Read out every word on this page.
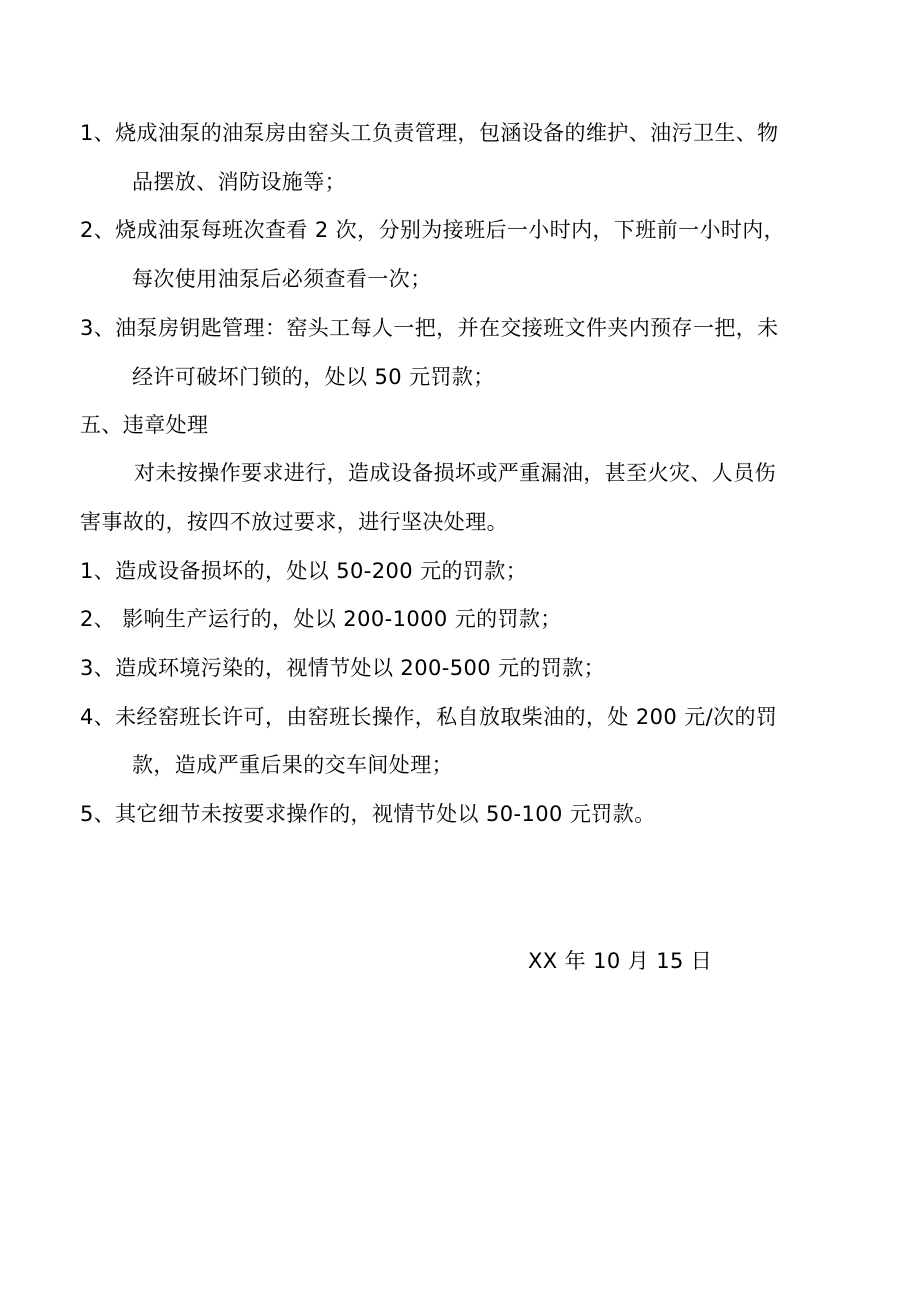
1、烧成油泵的油泵房由窑头工负责管理，包涵设备的维护、油污卫生、物
品摆放、消防设施等；
2、烧成油泵每班次查看 2 次，分别为接班后一小时内，下班前一小时内，
每次使用油泵后必须查看一次；
3、油泵房钥匙管理：窑头工每人一把，并在交接班文件夹内预存一把，未
经许可破坏门锁的，处以 50 元罚款；
五、违章处理
对未按操作要求进行，造成设备损坏或严重漏油，甚至火灾、人员伤
害事故的，按四不放过要求，进行坚决处理。
1、造成设备损坏的，处以 50-200 元的罚款；
2、 影响生产运行的，处以 200-1000 元的罚款；
3、造成环境污染的，视情节处以 200-500 元的罚款；
4、未经窑班长许可，由窑班长操作，私自放取柴油的，处 200 元/次的罚
款，造成严重后果的交车间处理；
5、其它细节未按要求操作的，视情节处以 50-100 元罚款。
XX 年 10 月 15 日
